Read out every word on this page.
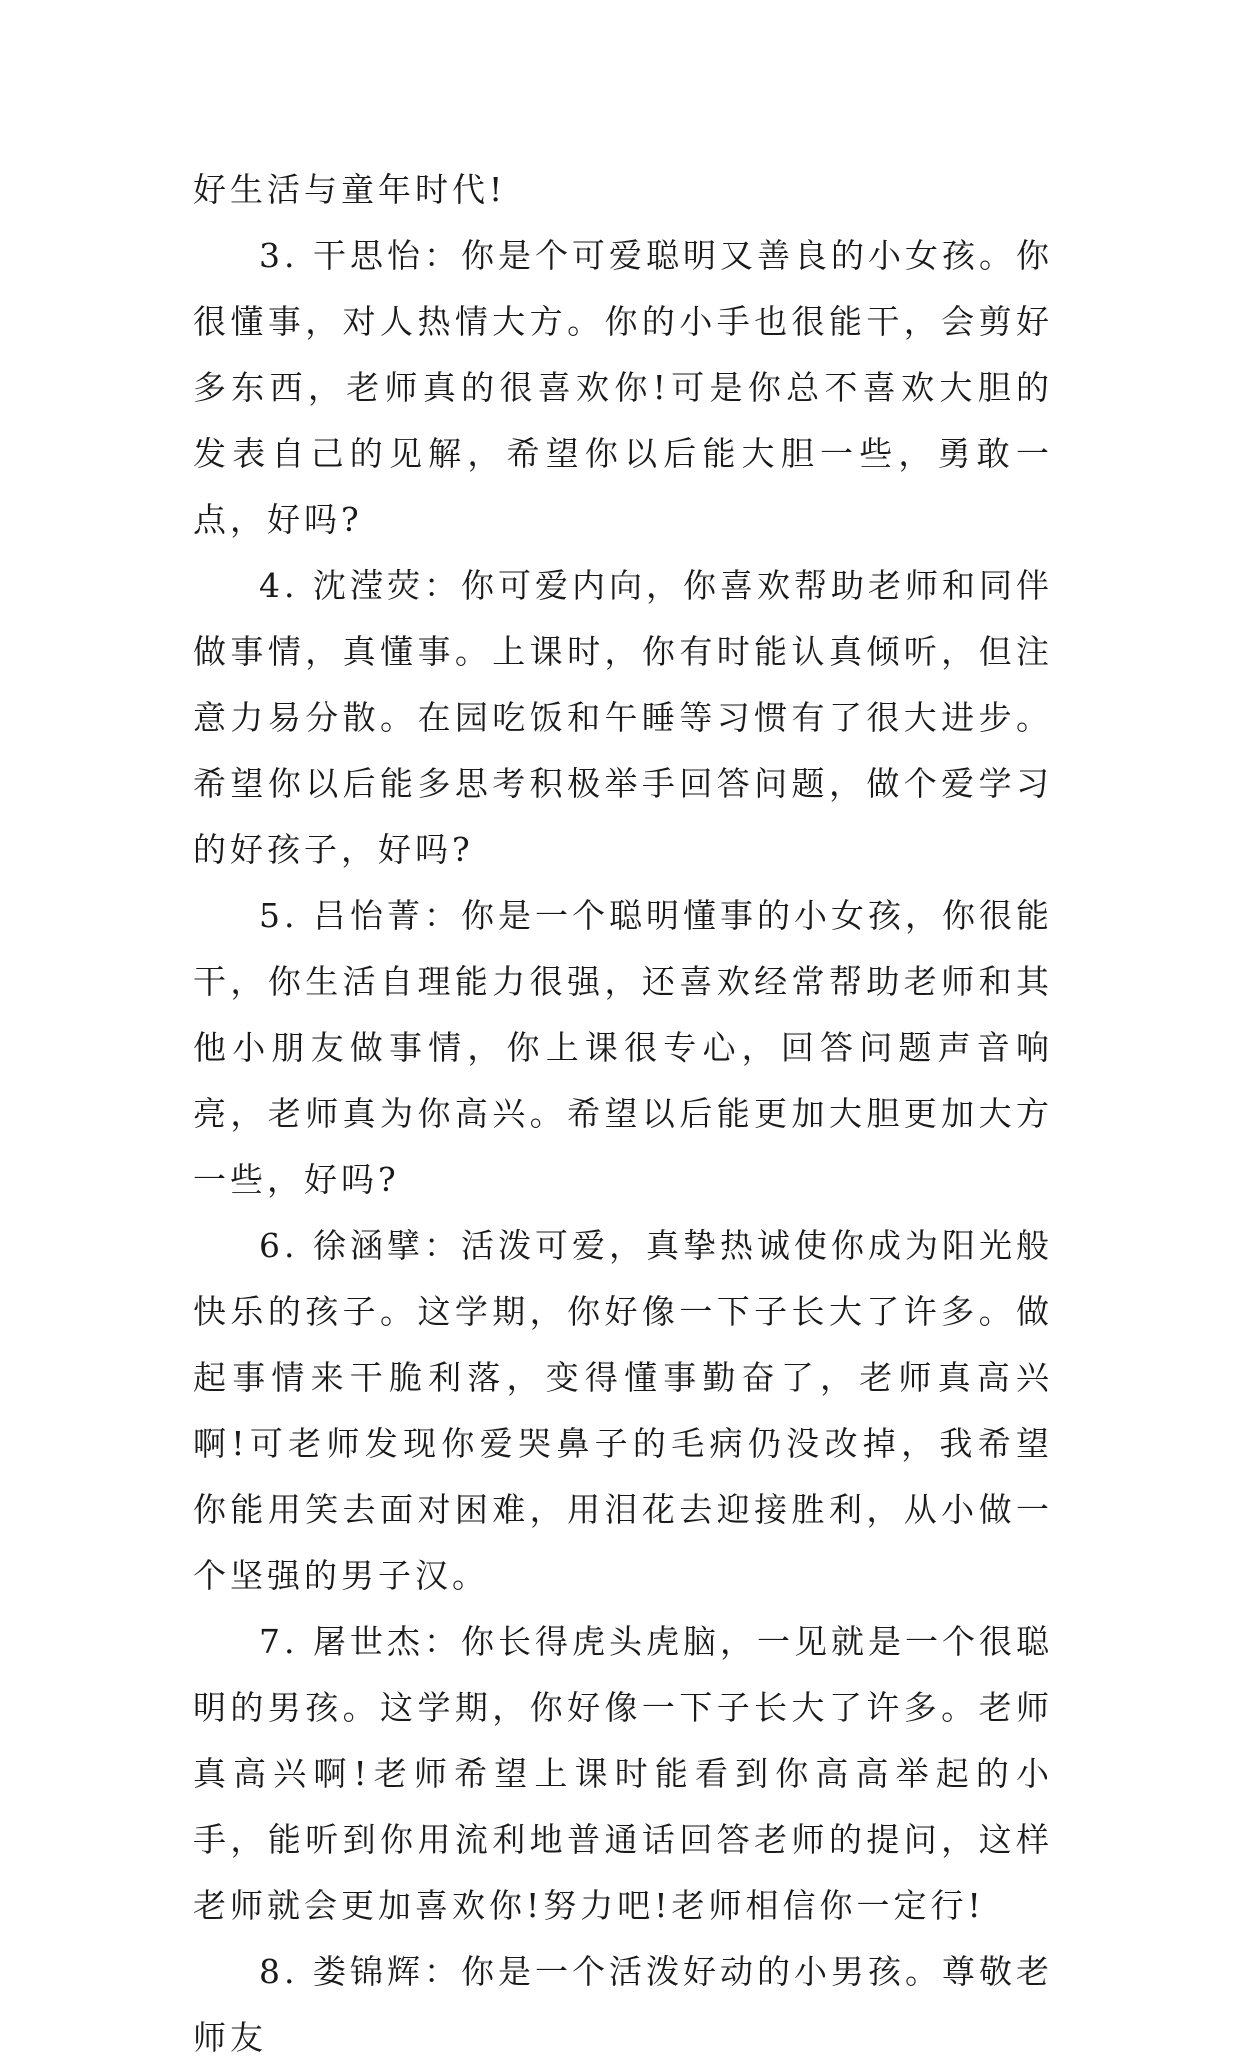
好生活与童年时代!

3. 干思怡：你是个可爱聪明又善良的小女孩。你很懂事，对人热情大方。你的小手也很能干，会剪好多东西，老师真的很喜欢你!可是你总不喜欢大胆的发表自己的见解，希望你以后能大胆一些，勇敢一点，好吗?

4. 沈滢荧：你可爱内向，你喜欢帮助老师和同伴做事情，真懂事。上课时，你有时能认真倾听，但注意力易分散。在园吃饭和午睡等习惯有了很大进步。希望你以后能多思考积极举手回答问题，做个爱学习的好孩子，好吗?

5. 吕怡菁：你是一个聪明懂事的小女孩，你很能干，你生活自理能力很强，还喜欢经常帮助老师和其他小朋友做事情，你上课很专心，回答问题声音响亮，老师真为你高兴。希望以后能更加大胆更加大方一些，好吗?

6. 徐涵擘：活泼可爱，真挚热诚使你成为阳光般快乐的孩子。这学期，你好像一下子长大了许多。做起事情来干脆利落，变得懂事勤奋了，老师真高兴啊!可老师发现你爱哭鼻子的毛病仍没改掉，我希望你能用笑去面对困难，用泪花去迎接胜利，从小做一个坚强的男子汉。

7. 屠世杰：你长得虎头虎脑，一见就是一个很聪明的男孩。这学期，你好像一下子长大了许多。老师真高兴啊!老师希望上课时能看到你高高举起的小手，能听到你用流利地普通话回答老师的提问，这样老师就会更加喜欢你!努力吧!老师相信你一定行!

8. 娄锦辉：你是一个活泼好动的小男孩。尊敬老师友
